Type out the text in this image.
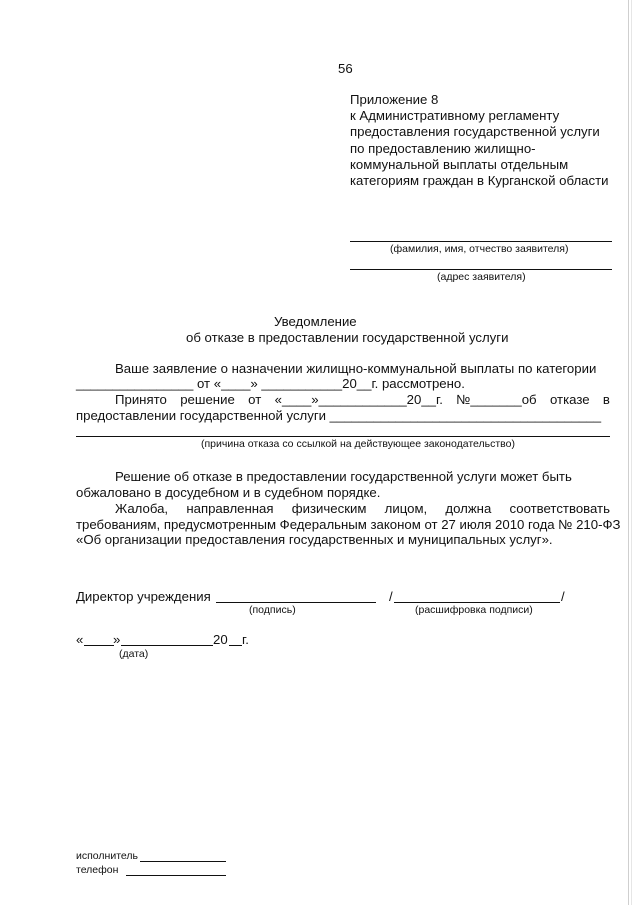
56
Приложение 8
к Административному регламенту
предоставления государственной услуги
по предоставлению жилищно-
коммунальной выплаты отдельным
категориям граждан в Курганской области
(фамилия, имя, отчество заявителя)
(адрес заявителя)
Уведомление
об отказе в предоставлении государственной услуги
Ваше заявление о назначении жилищно-коммунальной выплаты по категории
________________ от «____» ___________20__г. рассмотрено.
Принято решение от «____»____________20__г. №_______об отказе в
предоставлении государственной услуги _____________________________________
(причина отказа со ссылкой на действующее законодательство)
Решение об отказе в предоставлении государственной услуги может быть
обжаловано в досудебном и в судебном порядке.
Жалоба, направленная физическим лицом, должна соответствовать
требованиям, предусмотренным Федеральным законом от 27 июля 2010 года № 210-ФЗ
«Об организации предоставления государственных и муниципальных услуг».
Директор учреждения	/	/
(подпись)	(расшифровка подписи)
« »	20 г.
(дата)
исполнитель
телефон
